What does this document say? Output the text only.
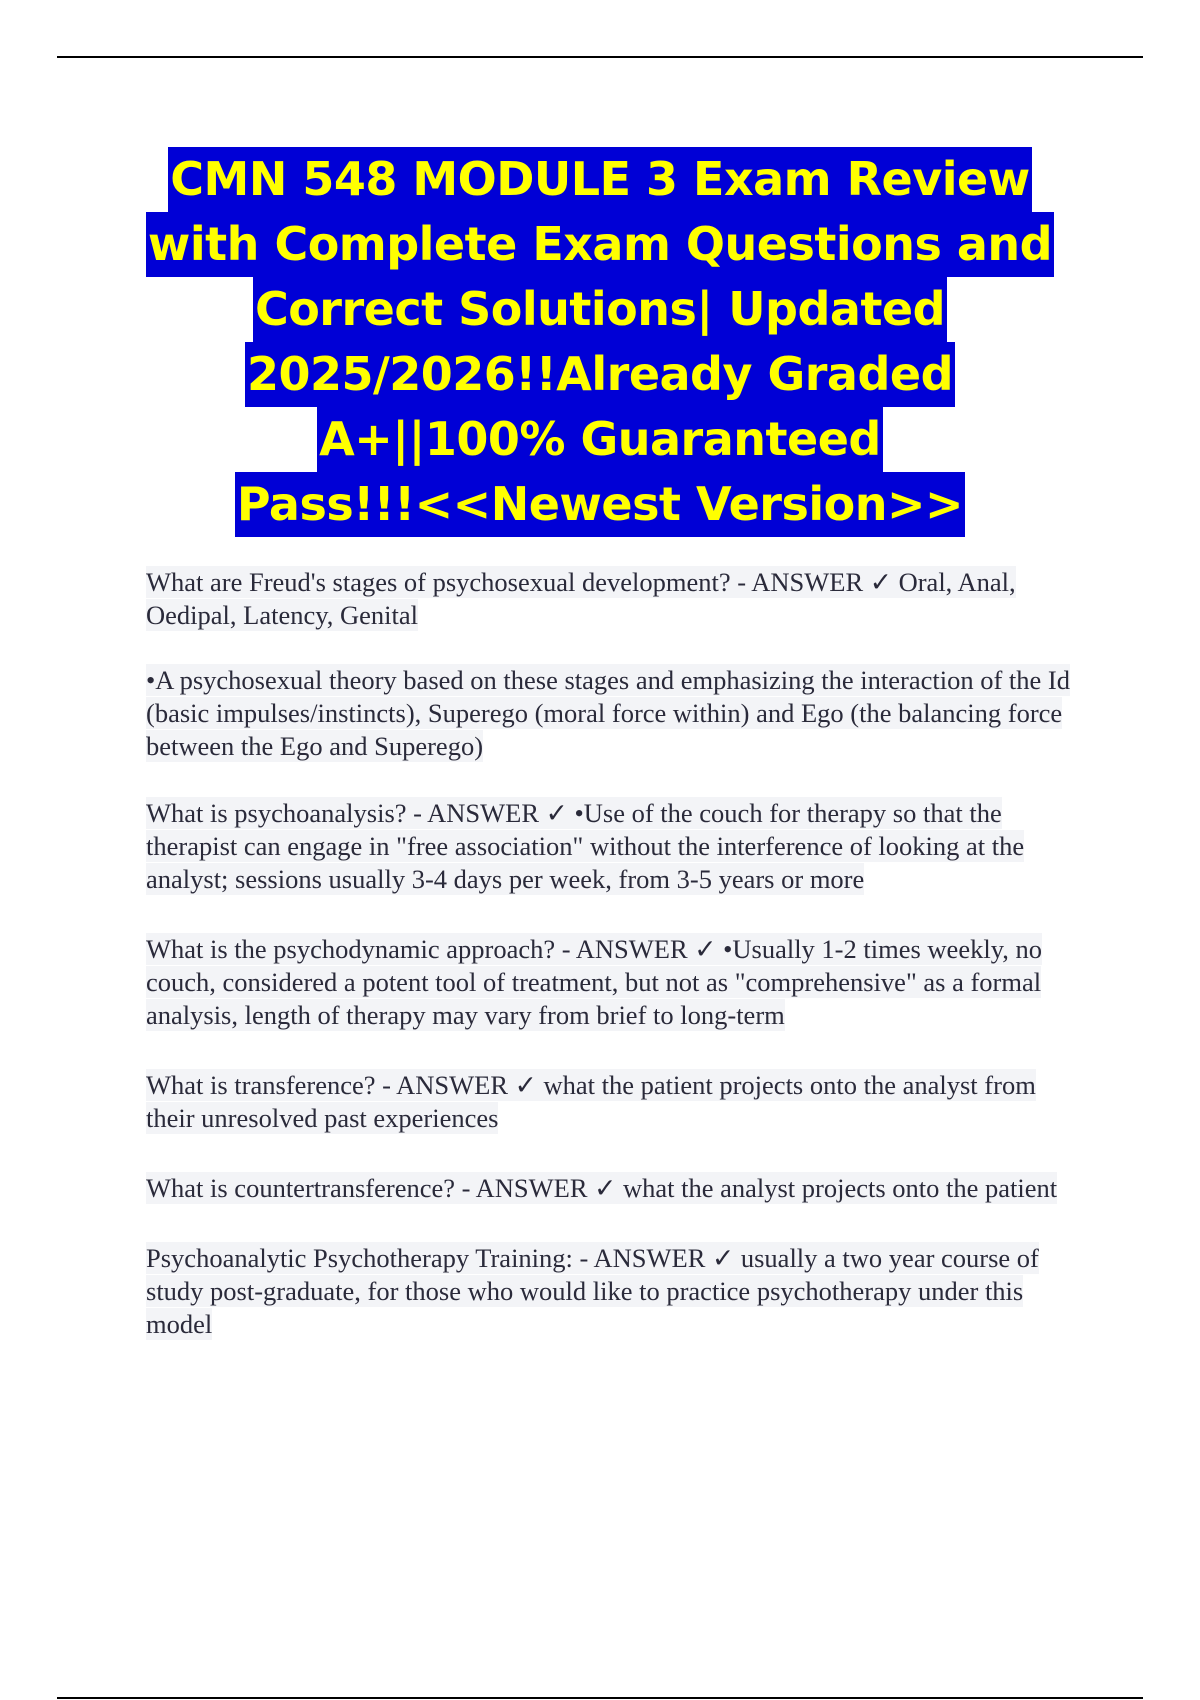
CMN 548 MODULE 3 Exam Review
with Complete Exam Questions and
Correct Solutions| Updated
2025/2026!!Already Graded
A+||100% Guaranteed
Pass!!!<<Newest Version>>

What are Freud's stages of psychosexual development? - ANSWER ✓ Oral, Anal, Oedipal, Latency, Genital

•A psychosexual theory based on these stages and emphasizing the interaction of the Id (basic impulses/instincts), Superego (moral force within) and Ego (the balancing force between the Ego and Superego)

What is psychoanalysis? - ANSWER ✓ •Use of the couch for therapy so that the therapist can engage in "free association" without the interference of looking at the analyst; sessions usually 3-4 days per week, from 3-5 years or more

What is the psychodynamic approach? - ANSWER ✓ •Usually 1-2 times weekly, no couch, considered a potent tool of treatment, but not as "comprehensive" as a formal analysis, length of therapy may vary from brief to long-term

What is transference? - ANSWER ✓ what the patient projects onto the analyst from their unresolved past experiences

What is countertransference? - ANSWER ✓ what the analyst projects onto the patient

Psychoanalytic Psychotherapy Training: - ANSWER ✓ usually a two year course of study post-graduate, for those who would like to practice psychotherapy under this model
